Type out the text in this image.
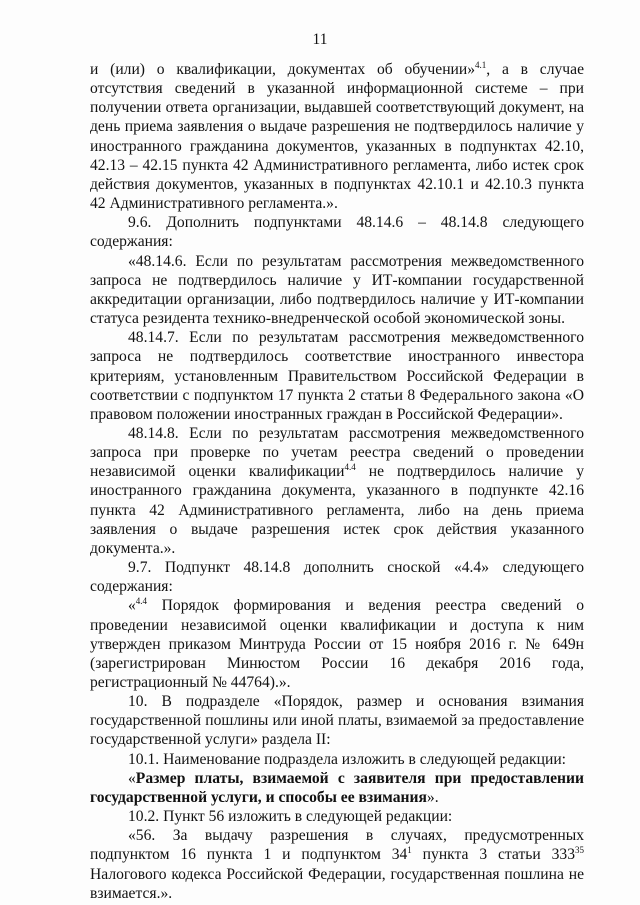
11

и (или) о квалификации, документах об обучении»$^{4.1}$, а в случае отсутствия сведений в указанной информационной системе – при получении ответа организации, выдавшей соответствующий документ, на день приема заявления о выдаче разрешения не подтвердилось наличие у иностранного гражданина документов, указанных в подпунктах 42.10, 42.13 – 42.15 пункта 42 Административного регламента, либо истек срок действия документов, указанных в подпунктах 42.10.1 и 42.10.3 пункта 42 Административного регламента.».

9.6. Дополнить подпунктами 48.14.6 – 48.14.8 следующего содержания:

«48.14.6. Если по результатам рассмотрения межведомственного запроса не подтвердилось наличие у ИТ-компании государственной аккредитации организации, либо подтвердилось наличие у ИТ-компании статуса резидента технико-внедренческой особой экономической зоны.

48.14.7. Если по результатам рассмотрения межведомственного запроса не подтвердилось соответствие иностранного инвестора критериям, установленным Правительством Российской Федерации в соответствии с подпунктом 17 пункта 2 статьи 8 Федерального закона «О правовом положении иностранных граждан в Российской Федерации».

48.14.8. Если по результатам рассмотрения межведомственного запроса при проверке по учетам реестра сведений о проведении независимой оценки квалификации$^{4.4}$ не подтвердилось наличие у иностранного гражданина документа, указанного в подпункте 42.16 пункта 42 Административного регламента, либо на день приема заявления о выдаче разрешения истек срок действия указанного документа.».

9.7. Подпункт 48.14.8 дополнить сноской «4.4» следующего содержания:

«$^{4.4}$ Порядок формирования и ведения реестра сведений о проведении независимой оценки квалификации и доступа к ним утвержден приказом Минтруда России от 15 ноября 2016 г. № 649н (зарегистрирован Минюстом России 16 декабря 2016 года, регистрационный № 44764).».

10. В подразделе «Порядок, размер и основания взимания государственной пошлины или иной платы, взимаемой за предоставление государственной услуги» раздела II:

10.1. Наименование подраздела изложить в следующей редакции:

«Размер платы, взимаемой с заявителя при предоставлении государственной услуги, и способы ее взимания».

10.2. Пункт 56 изложить в следующей редакции:

«56. За выдачу разрешения в случаях, предусмотренных подпунктом 16 пункта 1 и подпунктом $34^1$ пункта 3 статьи $333^{35}$ Налогового кодекса Российской Федерации, государственная пошлина не взимается.».
